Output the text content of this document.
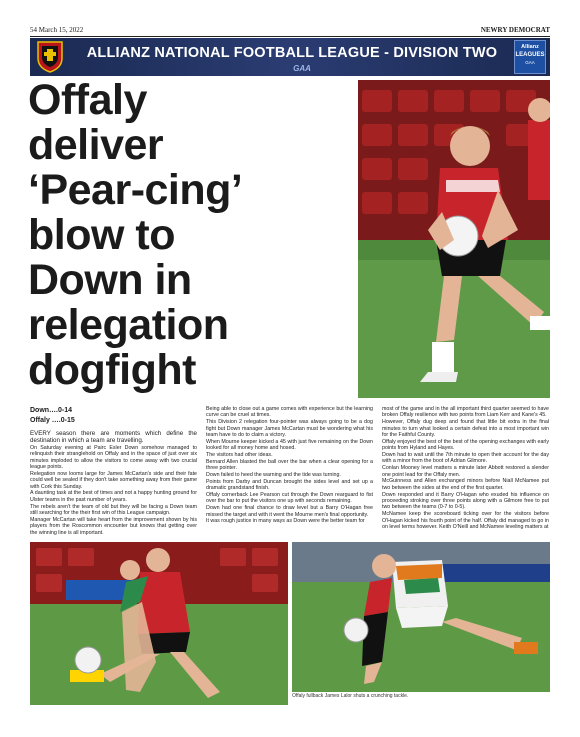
54 March 15, 2022	NEWRY DEMOCRAT
ALLIANZ NATIONAL FOOTBALL LEAGUE - DIVISION TWO
GAA
Allianz
LEAGUES
GAA
Offaly
deliver
‘Pear-cing’
blow to
Down in
relegation
dogfight
Down….0-14
Offaly ….0-15

EVERY season there are moments which define the destination in which a team are travelling.

On Saturday evening at Pairc Esler Down somehow managed to relinquish their stranglehold on Offaly and in the space of just over six minutes imploded to allow the visitors to come away with two crucial league points.

Relegation now looms large for James McCartan's side and their fate could well be sealed if they don't take something away from their game with Cork this Sunday.

A daunting task at the best of times and not a happy hunting ground for Ulster teams in the past number of years.

The rebels aren't the team of old but they will be facing a Down team still searching for the their first win of this League campaign.

Manager McCartan will take heart from the improvement shown by his players from the Roscommon encounter but knows that getting over the winning line is all important.

Being able to close out a game comes with experience but the learning curve can be cruel at times.

This Division 2 relegation four-pointer was always going to be a dog fight but Down manager James McCartan must be wondering what his team have to do to claim a victory.

When Mourne keeper kicked a 45 with just five remaining on the Down looked for all money home and hosed.

The visitors had other ideas.

Bernard Allen blasted the ball over the bar when a clear opening for a three pointer.

Down failed to heed the warning and the tide was turning.

Points from Darby and Duncan brought the sides level and set up a dramatic grandstand finish.

Offaly cornerback Lee Pearson cut through the Down rearguard to fist over the bar to put the visitors one up with seconds remaining.

Down had one final chance to draw level but a Barry O'Hagan free missed the target and with it went the Mourne men's final opportunity.

It was rough justice in many ways as Down were the better team for

most of the game and in the all important third quarter seemed to have broken Offaly resilience with two points from Liam Kerr and Kane's 45.

However, Offaly dug deep and found that little bit extra in the final minutes to turn what looked a certain defeat into a most important win for the Faithful County.

Offaly enjoyed the best of the best of the opening exchanges with early points from Hyland and Hayes.

Down had to wait until the 7th minute to open their account for the day with a minor from the boot of Adrian Gilmore.

Conlan Mooney level matters a minute later Abbott restored a slender one point lead for the Offaly men.

McGuinness and Allen exchanged minors before Niall McNamee put two between the sides at the end of the first quarter.

Down responded and it Barry O'Hagan who exuded his influence on proceeding stroking over three points along with a Gilmore free to put two between the teams (0-7 to 0-5).

McNamee keep the scoreboard ticking over for the visitors before O'Hagan kicked his fourth point of the half. Offaly did managed to go in on level terms however. Keith O'Neill and McNamee leveling matters at

Offaly fullback James Lalor shuts a crunching tackle.
